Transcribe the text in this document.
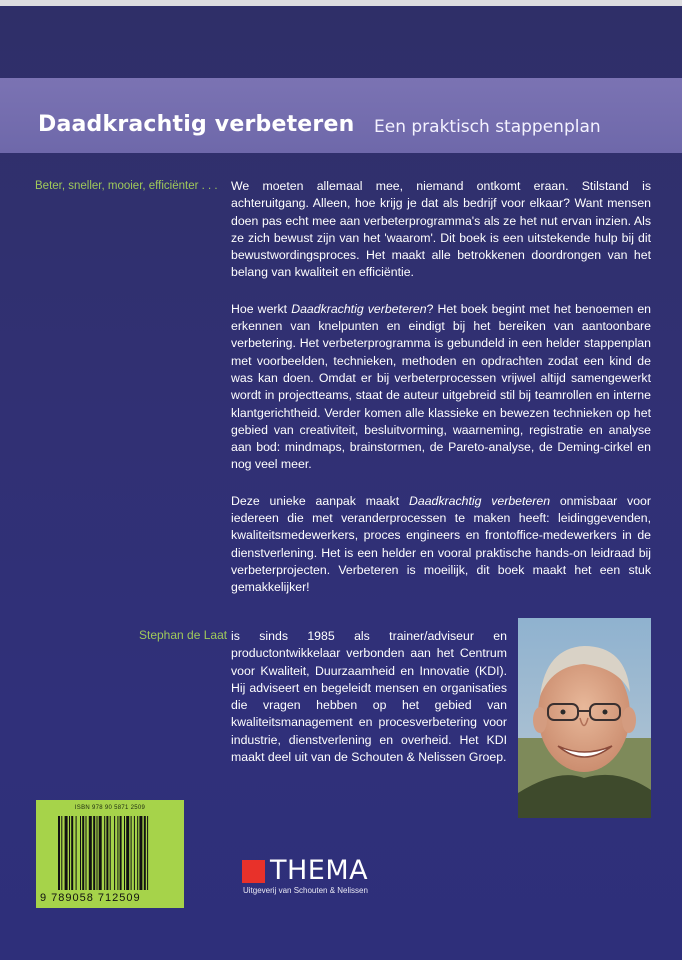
Daadkrachtig verbeteren Een praktisch stappenplan
Beter, sneller, mooier, efficiënter . . . We moeten allemaal mee, niemand ontkomt eraan. Stilstand is achteruitgang. Alleen, hoe krijg je dat als bedrijf voor elkaar? Want mensen doen pas echt mee aan verbeterprogramma's als ze het nut ervan inzien. Als ze zich bewust zijn van het 'waarom'. Dit boek is een uitstekende hulp bij dit bewustwordingsproces. Het maakt alle betrokkenen doordrongen van het belang van kwaliteit en efficiëntie.

Hoe werkt Daadkrachtig verbeteren? Het boek begint met het benoemen en erkennen van knelpunten en eindigt bij het bereiken van aantoonbare verbetering. Het verbeterprogramma is gebundeld in een helder stappenplan met voorbeelden, technieken, methoden en opdrachten zodat een kind de was kan doen. Omdat er bij verbeterprocessen vrijwel altijd samengewerkt wordt in projectteams, staat de auteur uitgebreid stil bij teamrollen en interne klantgerichtheid. Verder komen alle klassieke en bewezen technieken op het gebied van creativiteit, besluitvorming, waarneming, registratie en analyse aan bod: mindmaps, brainstormen, de Pareto-analyse, de Deming-cirkel en nog veel meer.

Deze unieke aanpak maakt Daadkrachtig verbeteren onmisbaar voor iedereen die met veranderprocessen te maken heeft: leidinggevenden, kwaliteitsmedewerkers, proces engineers en frontoffice-medewerkers in de dienstverlening. Het is een helder en vooral praktische hands-on leidraad bij verbeterprojecten. Verbeteren is moeilijk, dit boek maakt het een stuk gemakkelijker!

Stephan de Laat is sinds 1985 als trainer/adviseur en productontwikkelaar verbonden aan het Centrum voor Kwaliteit, Duurzaamheid en Innovatie (KDI). Hij adviseert en begeleidt mensen en organisaties die vragen hebben op het gebied van kwaliteitsmanagement en procesverbetering voor industrie, dienstverlening en overheid. Het KDI maakt deel uit van de Schouten & Nelissen Groep.
ISBN 978 90 5871 2509
9 789058 712509
THEMA
Uitgeverij van Schouten & Nelissen
